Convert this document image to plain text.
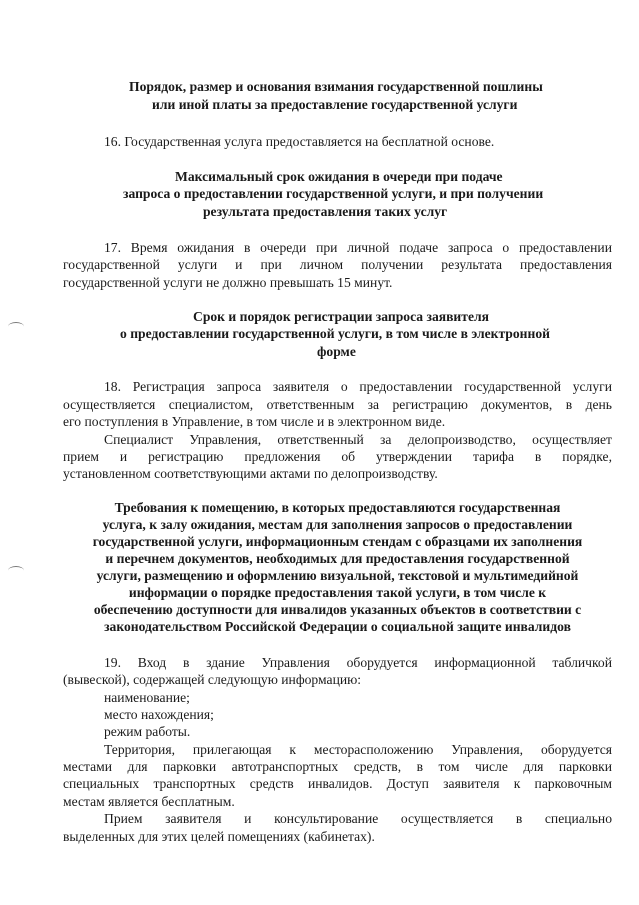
Порядок, размер и основания взимания государственной пошлины
или иной платы за предоставление государственной услуги
16. Государственная услуга предоставляется на бесплатной основе.
Максимальный срок ожидания в очереди при подаче
запроса о предоставлении государственной услуги, и при получении
результата предоставления таких услуг
17. Время ожидания в очереди при личной подаче запроса о предоставлении
государственной услуги и при личном получении результата предоставления
государственной услуги не должно превышать 15 минут.
Срок и порядок регистрации запроса заявителя
о предоставлении государственной услуги, в том числе в электронной
форме
18. Регистрация запроса заявителя о предоставлении государственной услуги
осуществляется специалистом, ответственным за регистрацию документов, в день
его поступления в Управление, в том числе и в электронном виде.
Специалист Управления, ответственный за делопроизводство, осуществляет
прием и регистрацию предложения об утверждении тарифа в порядке,
установленном соответствующими актами по делопроизводству.
Требования к помещению, в которых предоставляются государственная
услуга, к залу ожидания, местам для заполнения запросов о предоставлении
государственной услуги, информационным стендам с образцами их заполнения
и перечнем документов, необходимых для предоставления государственной
услуги, размещению и оформлению визуальной, текстовой и мультимедийной
информации о порядке предоставления такой услуги, в том числе к
обеспечению доступности для инвалидов указанных объектов в соответствии с
законодательством Российской Федерации о социальной защите инвалидов
19. Вход в здание Управления оборудуется информационной табличкой
(вывеской), содержащей следующую информацию:
наименование;
место нахождения;
режим работы.
Территория, прилегающая к месторасположению Управления, оборудуется
местами для парковки автотранспортных средств, в том числе для парковки
специальных транспортных средств инвалидов. Доступ заявителя к парковочным
местам является бесплатным.
Прием заявителя и консультирование осуществляется в специально
выделенных для этих целей помещениях (кабинетах).
